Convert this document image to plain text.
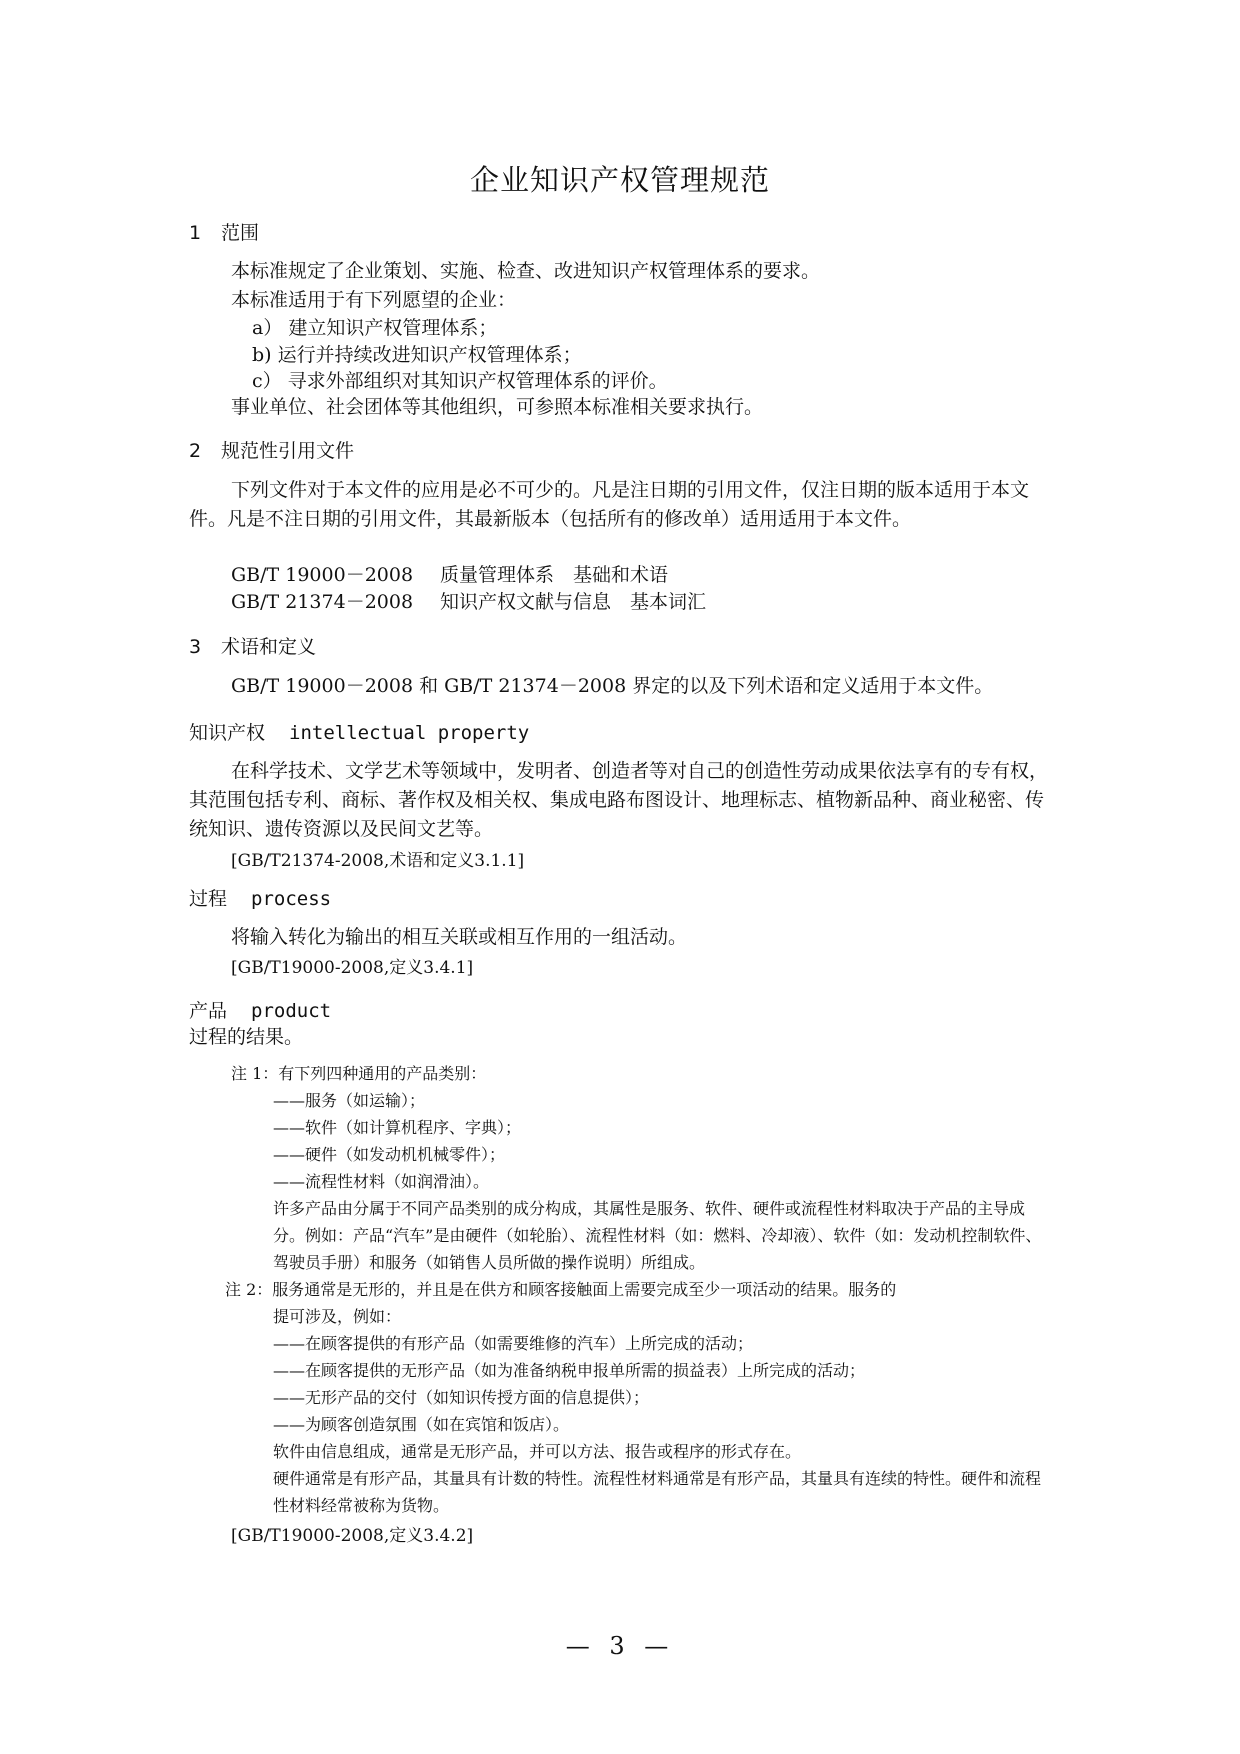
企业知识产权管理规范
1 范围
本标准规定了企业策划、实施、检查、改进知识产权管理体系的要求。
本标准适用于有下列愿望的企业：
a） 建立知识产权管理体系；
b) 运行并持续改进知识产权管理体系；
c） 寻求外部组织对其知识产权管理体系的评价。
事业单位、社会团体等其他组织，可参照本标准相关要求执行。
2 规范性引用文件
下列文件对于本文件的应用是必不可少的。凡是注日期的引用文件，仅注日期的版本适用于本文件。凡是不注日期的引用文件，其最新版本（包括所有的修改单）适用适用于本文件。
GB/T 19000－2008 质量管理体系　基础和术语
GB/T 21374－2008 知识产权文献与信息　基本词汇
3 术语和定义
GB/T 19000－2008 和 GB/T 21374－2008 界定的以及下列术语和定义适用于本文件。
知识产权 intellectual property
在科学技术、文学艺术等领域中，发明者、创造者等对自己的创造性劳动成果依法享有的专有权，其范围包括专利、商标、著作权及相关权、集成电路布图设计、地理标志、植物新品种、商业秘密、传统知识、遗传资源以及民间文艺等。
[GB/T21374-2008,术语和定义3.1.1]
过程 process
将输入转化为输出的相互关联或相互作用的一组活动。
[GB/T19000-2008,定义3.4.1]
产品 product
过程的结果。
注 1：有下列四种通用的产品类别：
——服务（如运输）；
——软件（如计算机程序、字典）；
——硬件（如发动机机械零件）；
——流程性材料（如润滑油）。
许多产品由分属于不同产品类别的成分构成，其属性是服务、软件、硬件或流程性材料取决于产品的主导成分。例如：产品“汽车”是由硬件（如轮胎）、流程性材料（如：燃料、冷却液）、软件（如：发动机控制软件、驾驶员手册）和服务（如销售人员所做的操作说明）所组成。
注 2：服务通常是无形的，并且是在供方和顾客接触面上需要完成至少一项活动的结果。服务的
提可涉及，例如：
——在顾客提供的有形产品（如需要维修的汽车）上所完成的活动；
——在顾客提供的无形产品（如为准备纳税申报单所需的损益表）上所完成的活动；
——无形产品的交付（如知识传授方面的信息提供）；
——为顾客创造氛围（如在宾馆和饭店）。
软件由信息组成，通常是无形产品，并可以方法、报告或程序的形式存在。
硬件通常是有形产品，其量具有计数的特性。流程性材料通常是有形产品，其量具有连续的特性。硬件和流程性材料经常被称为货物。
[GB/T19000-2008,定义3.4.2]
— 3 —
